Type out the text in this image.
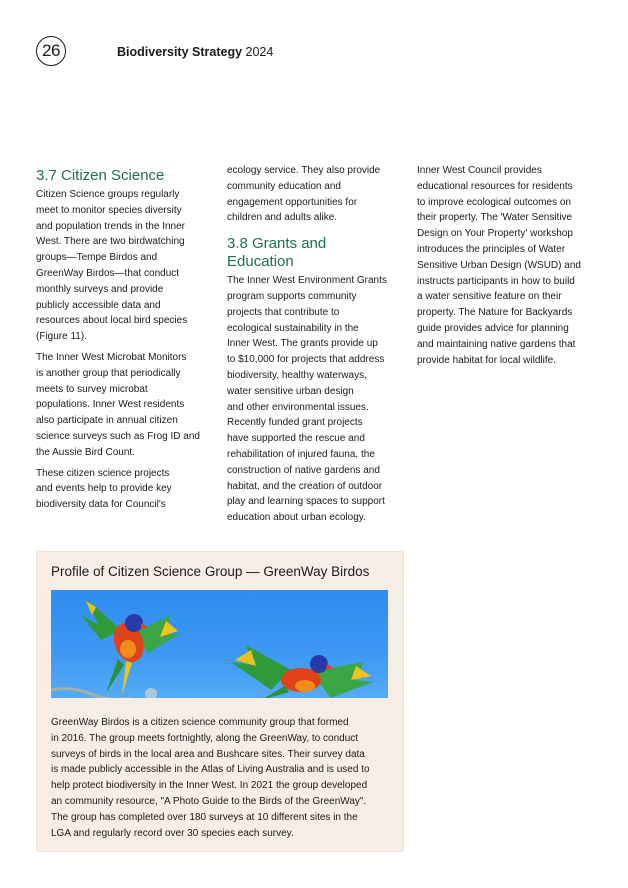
26	Biodiversity Strategy 2024
3.7 Citizen Science

Citizen Science groups regularly
meet to monitor species diversity
and population trends in the Inner
West. There are two birdwatching
groups—Tempe Birdos and
GreenWay Birdos—that conduct
monthly surveys and provide
publicly accessible data and
resources about local bird species
(Figure 11).

The Inner West Microbat Monitors
is another group that periodically
meets to survey microbat
populations. Inner West residents
also participate in annual citizen
science surveys such as Frog ID and
the Aussie Bird Count.

These citizen science projects
and events help to provide key
biodiversity data for Council's

ecology service. They also provide
community education and
engagement opportunities for
children and adults alike.

3.8 Grants and
Education

The Inner West Environment Grants
program supports community
projects that contribute to
ecological sustainability in the
Inner West. The grants provide up
to $10,000 for projects that address
biodiversity, healthy waterways,
water sensitive urban design
and other environmental issues.
Recently funded grant projects
have supported the rescue and
rehabilitation of injured fauna, the
construction of native gardens and
habitat, and the creation of outdoor
play and learning spaces to support
education about urban ecology.

Inner West Council provides
educational resources for residents
to improve ecological outcomes on
their property. The 'Water Sensitive
Design on Your Property' workshop
introduces the principles of Water
Sensitive Urban Design (WSUD) and
instructs participants in how to build
a water sensitive feature on their
property. The Nature for Backyards
guide provides advice for planning
and maintaining native gardens that
provide habitat for local wildlife.

Profile of Citizen Science Group — GreenWay Birdos
GreenWay Birdos is a citizen science community group that formed
in 2016. The group meets fortnightly, along the GreenWay, to conduct
surveys of birds in the local area and Bushcare sites. Their survey data
is made publicly accessible in the Atlas of Living Australia and is used to
help protect biodiversity in the Inner West. In 2021 the group developed
an community resource, "A Photo Guide to the Birds of the GreenWay".
The group has completed over 180 surveys at 10 different sites in the
LGA and regularly record over 30 species each survey.
